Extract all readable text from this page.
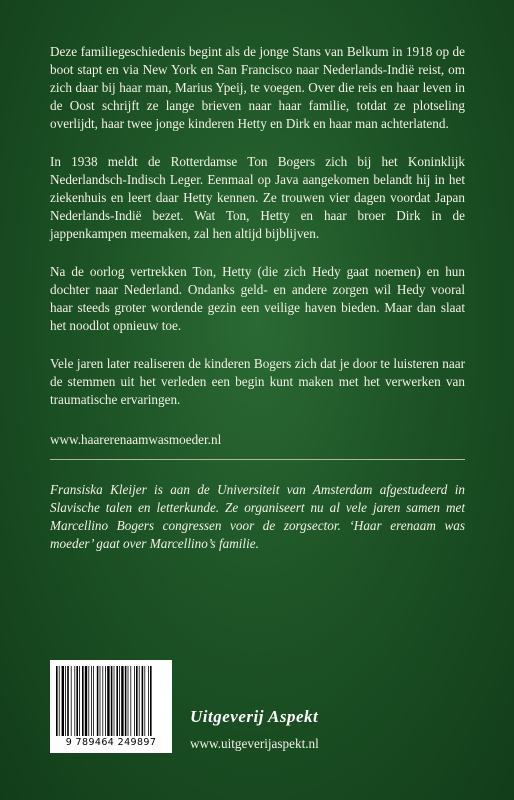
Deze familiegeschiedenis begint als de jonge Stans van Belkum in 1918 op de boot stapt en via New York en San Francisco naar Nederlands-Indië reist, om zich daar bij haar man, Marius Ypeij, te voegen. Over die reis en haar leven in de Oost schrijft ze lange brieven naar haar familie, totdat ze plotseling overlijdt, haar twee jonge kinderen Hetty en Dirk en haar man achterlatend.

In 1938 meldt de Rotterdamse Ton Bogers zich bij het Koninklijk Nederlandsch-Indisch Leger. Eenmaal op Java aangekomen belandt hij in het ziekenhuis en leert daar Hetty kennen. Ze trouwen vier dagen voordat Japan Nederlands-Indië bezet. Wat Ton, Hetty en haar broer Dirk in de jappenkampen meemaken, zal hen altijd bijblijven.

Na de oorlog vertrekken Ton, Hetty (die zich Hedy gaat noemen) en hun dochter naar Nederland. Ondanks geld- en andere zorgen wil Hedy vooral haar steeds groter wordende gezin een veilige haven bieden. Maar dan slaat het noodlot opnieuw toe.

Vele jaren later realiseren de kinderen Bogers zich dat je door te luisteren naar de stemmen uit het verleden een begin kunt maken met het verwerken van traumatische ervaringen.

www.haarerenaamwasmoeder.nl

Fransiska Kleijer is aan de Universiteit van Amsterdam afgestudeerd in Slavische talen en letterkunde. Ze organiseert nu al vele jaren samen met Marcellino Bogers congressen voor de zorgsector. ‘Haar erenaam was moeder’ gaat over Marcellino’s familie.

9 789464 249897
Uitgeverij Aspekt
www.uitgeverijaspekt.nl
